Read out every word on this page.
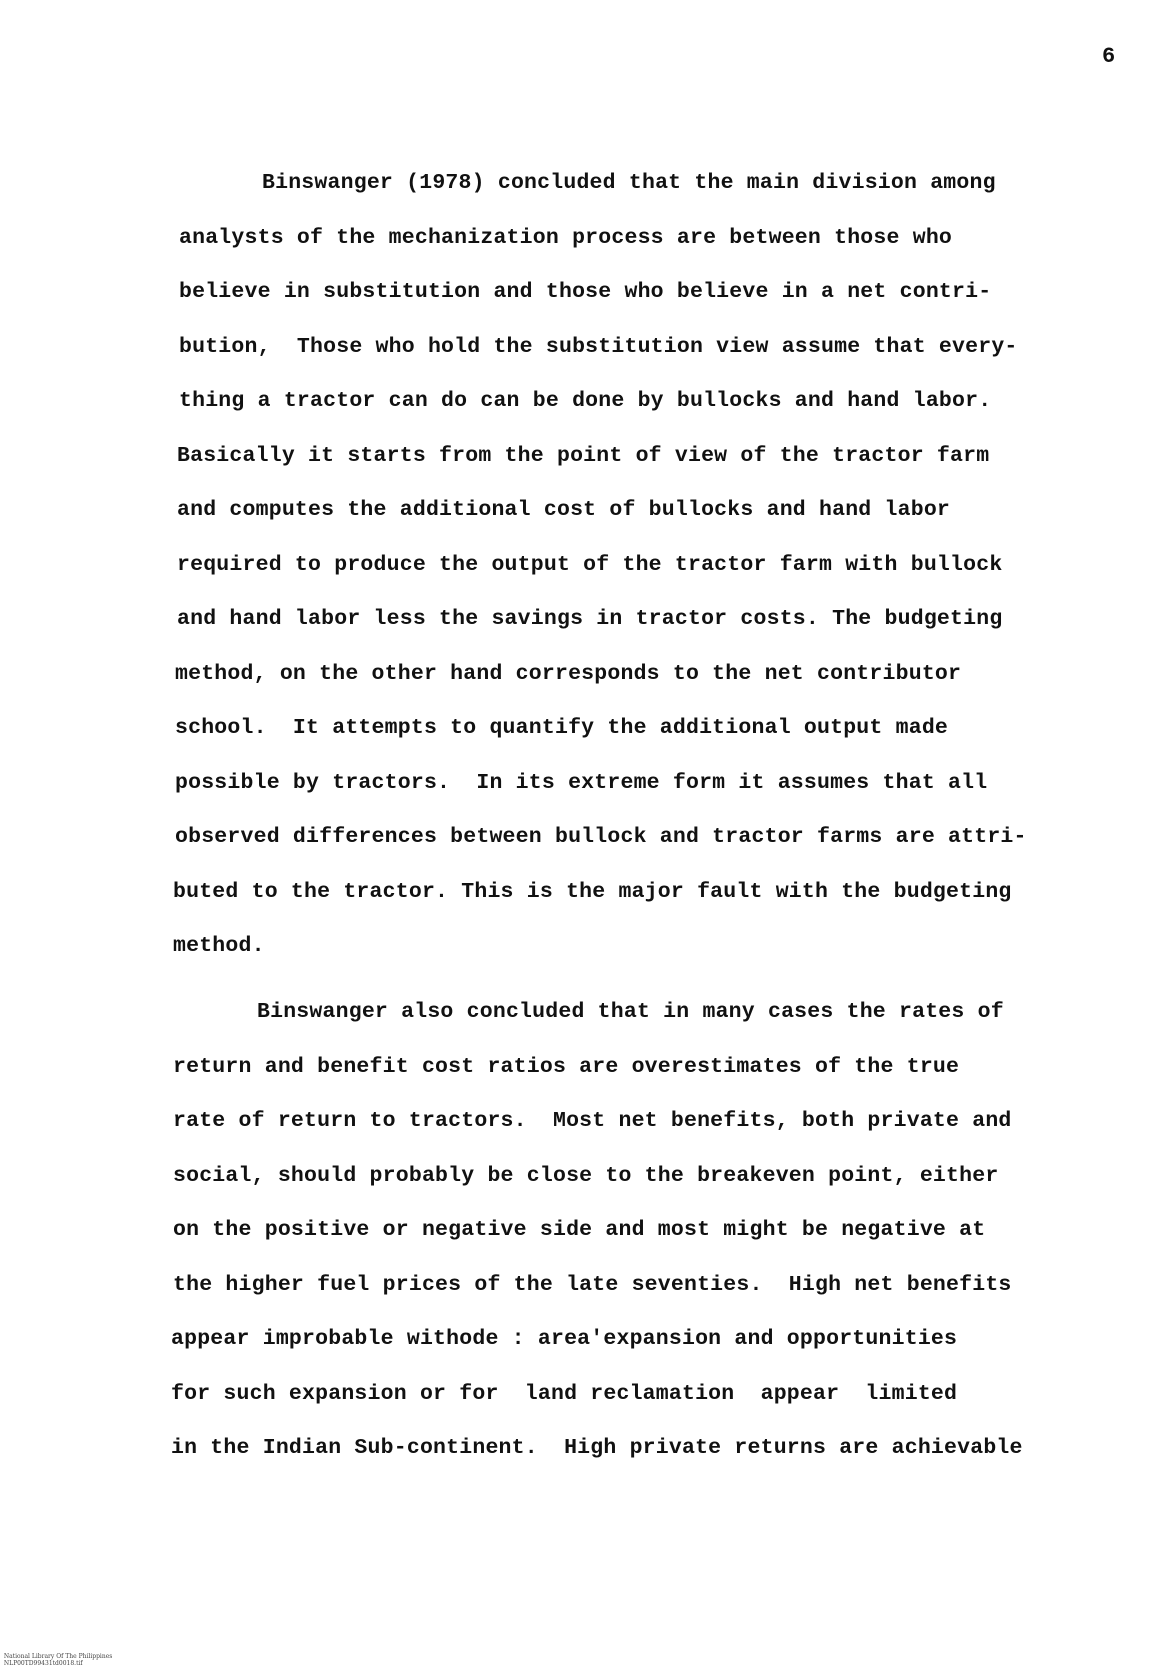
6
Binswanger (1978) concluded that the main division among
analysts of the mechanization process are between those who
believe in substitution and those who believe in a net contri-
bution,  Those who hold the substitution view assume that every-
thing a tractor can do can be done by bullocks and hand labor.
Basically it starts from the point of view of the tractor farm
and computes the additional cost of bullocks and hand labor
required to produce the output of the tractor farm with bullock
and hand labor less the savings in tractor costs. The budgeting
method, on the other hand corresponds to the net contributor
school.  It attempts to quantify the additional output made
possible by tractors.  In its extreme form it assumes that all
observed differences between bullock and tractor farms are attri-
buted to the tractor. This is the major fault with the budgeting
method.
Binswanger also concluded that in many cases the rates of
return and benefit cost ratios are overestimates of the true
rate of return to tractors.  Most net benefits, both private and
social, should probably be close to the breakeven point, either
on the positive or negative side and most might be negative at
the higher fuel prices of the late seventies.  High net benefits
appear improbable withode : area'expansion and opportunities
for such expansion or for  land reclamation  appear  limited
in the Indian Sub-continent.  High private returns are achievable

National Library Of The Philippines
NLP00TD99431td0018.tif
